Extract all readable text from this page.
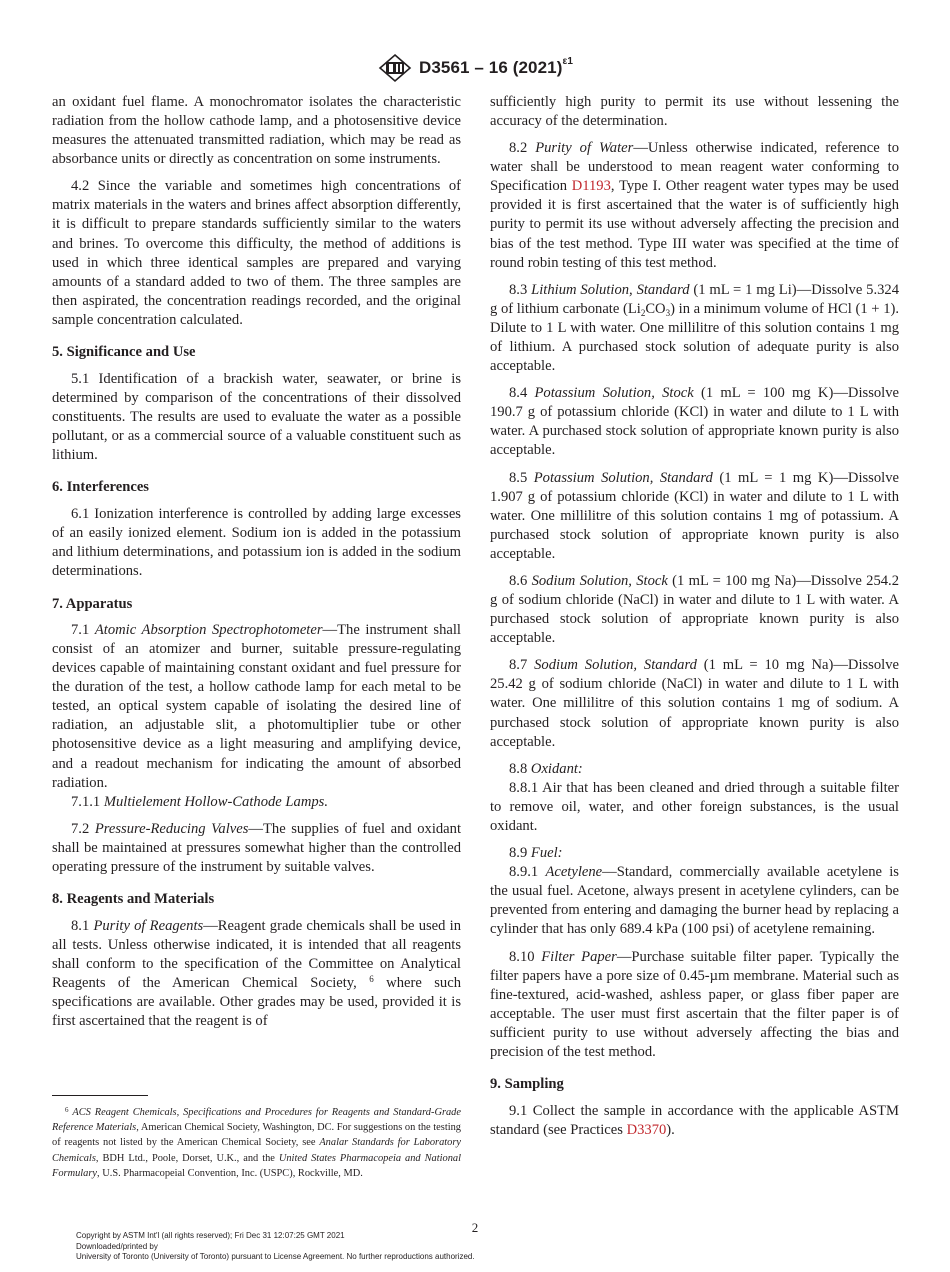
D3561 – 16 $(2021)^{\varepsilon 1}$

an oxidant fuel flame. A monochromator isolates the characteristic radiation from the hollow cathode lamp, and a photosensitive device measures the attenuated transmitted radiation, which may be read as absorbance units or directly as concentration on some instruments.

4.2 Since the variable and sometimes high concentrations of matrix materials in the waters and brines affect absorption differently, it is difficult to prepare standards sufficiently similar to the waters and brines. To overcome this difficulty, the method of additions is used in which three identical samples are prepared and varying amounts of a standard added to two of them. The three samples are then aspirated, the concentration readings recorded, and the original sample concentration calculated.

5. Significance and Use

5.1 Identification of a brackish water, seawater, or brine is determined by comparison of the concentrations of their dissolved constituents. The results are used to evaluate the water as a possible pollutant, or as a commercial source of a valuable constituent such as lithium.

6. Interferences

6.1 Ionization interference is controlled by adding large excesses of an easily ionized element. Sodium ion is added in the potassium and lithium determinations, and potassium ion is added in the sodium determinations.

7. Apparatus

7.1 Atomic Absorption Spectrophotometer—The instrument shall consist of an atomizer and burner, suitable pressure-regulating devices capable of maintaining constant oxidant and fuel pressure for the duration of the test, a hollow cathode lamp for each metal to be tested, an optical system capable of isolating the desired line of radiation, an adjustable slit, a photomultiplier tube or other photosensitive device as a light measuring and amplifying device, and a readout mechanism for indicating the amount of absorbed radiation.

7.1.1 Multielement Hollow-Cathode Lamps.

7.2 Pressure-Reducing Valves—The supplies of fuel and oxidant shall be maintained at pressures somewhat higher than the controlled operating pressure of the instrument by suitable valves.

8. Reagents and Materials

8.1 Purity of Reagents—Reagent grade chemicals shall be used in all tests. Unless otherwise indicated, it is intended that all reagents shall conform to the specification of the Committee on Analytical Reagents of the American Chemical Society, $^6$ where such specifications are available. Other grades may be used, provided it is first ascertained that the reagent is of

sufficiently high purity to permit its use without lessening the accuracy of the determination.

8.2 Purity of Water—Unless otherwise indicated, reference to water shall be understood to mean reagent water conforming to Specification D1193, Type I. Other reagent water types may be used provided it is first ascertained that the water is of sufficiently high purity to permit its use without adversely affecting the precision and bias of the test method. Type III water was specified at the time of round robin testing of this test method.

8.3 Lithium Solution, Standard (1 mL = 1 mg Li)—Dissolve 5.324 g of lithium carbonate $(Li_2CO_3)$ in a minimum volume of HCl (1 + 1). Dilute to 1 L with water. One millilitre of this solution contains 1 mg of lithium. A purchased stock solution of adequate purity is also acceptable.

8.4 Potassium Solution, Stock (1 mL = 100 mg K)—Dissolve 190.7 g of potassium chloride (KCl) in water and dilute to 1 L with water. A purchased stock solution of appropriate known purity is also acceptable.

8.5 Potassium Solution, Standard (1 mL = 1 mg K)—Dissolve 1.907 g of potassium chloride (KCl) in water and dilute to 1 L with water. One millilitre of this solution contains 1 mg of potassium. A purchased stock solution of appropriate known purity is also acceptable.

8.6 Sodium Solution, Stock (1 mL = 100 mg Na)—Dissolve 254.2 g of sodium chloride (NaCl) in water and dilute to 1 L with water. A purchased stock solution of appropriate known purity is also acceptable.

8.7 Sodium Solution, Standard (1 mL = 10 mg Na)—Dissolve 25.42 g of sodium chloride (NaCl) in water and dilute to 1 L with water. One millilitre of this solution contains 1 mg of sodium. A purchased stock solution of appropriate known purity is also acceptable.

8.8 Oxidant:

8.8.1 Air that has been cleaned and dried through a suitable filter to remove oil, water, and other foreign substances, is the usual oxidant.

8.9 Fuel:

8.9.1 Acetylene—Standard, commercially available acetylene is the usual fuel. Acetone, always present in acetylene cylinders, can be prevented from entering and damaging the burner head by replacing a cylinder that has only 689.4 kPa (100 psi) of acetylene remaining.

8.10 Filter Paper—Purchase suitable filter paper. Typically the filter papers have a pore size of 0.45-µm membrane. Material such as fine-textured, acid-washed, ashless paper, or glass fiber paper are acceptable. The user must first ascertain that the filter paper is of sufficient purity to use without adversely affecting the bias and precision of the test method.

9. Sampling

9.1 Collect the sample in accordance with the applicable ASTM standard (see Practices D3370).

$^6$ ACS Reagent Chemicals, Specifications and Procedures for Reagents and Standard-Grade Reference Materials, American Chemical Society, Washington, DC. For suggestions on the testing of reagents not listed by the American Chemical Society, see Analar Standards for Laboratory Chemicals, BDH Ltd., Poole, Dorset, U.K., and the United States Pharmacopeia and National Formulary, U.S. Pharmacopeial Convention, Inc. (USPC), Rockville, MD.
2
Copyright by ASTM Int'l (all rights reserved); Fri Dec 31 12:07:25 GMT 2021
Downloaded/printed by
University of Toronto (University of Toronto) pursuant to License Agreement. No further reproductions authorized.
